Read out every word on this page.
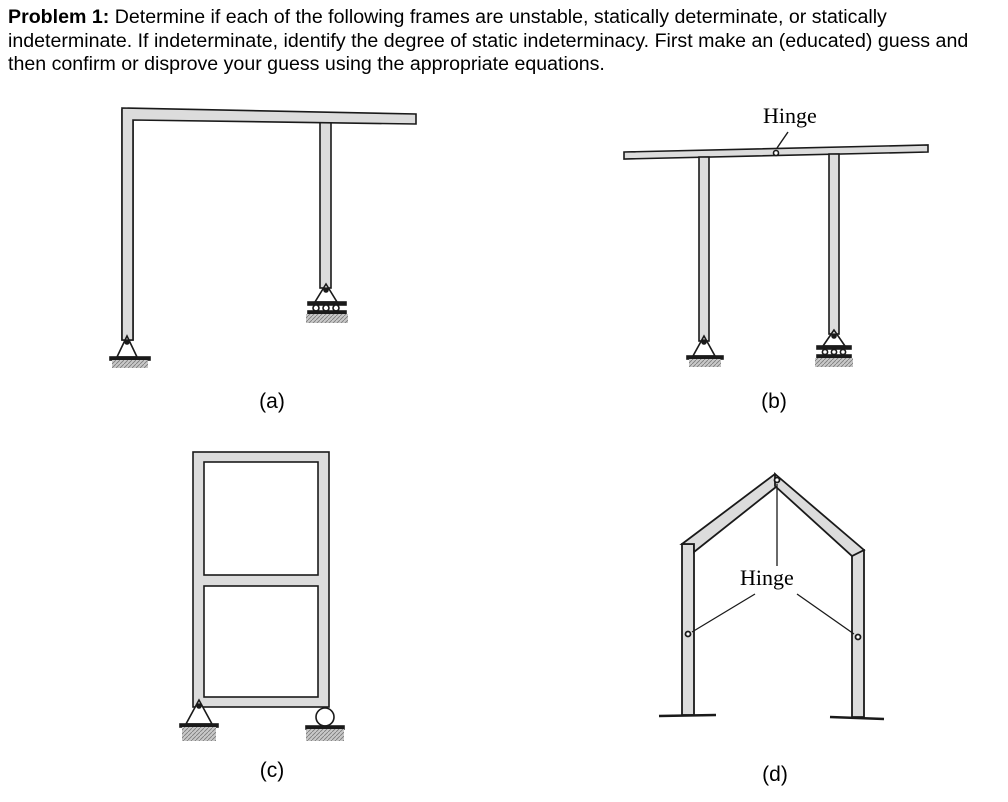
Problem 1: Determine if each of the following frames are unstable, statically determinate, or statically indeterminate. If indeterminate, identify the degree of static indeterminacy. First make an (educated) guess and then confirm or disprove your guess using the appropriate equations.

Hinge
Hinge
(a)	(b)
(c)	(d)
